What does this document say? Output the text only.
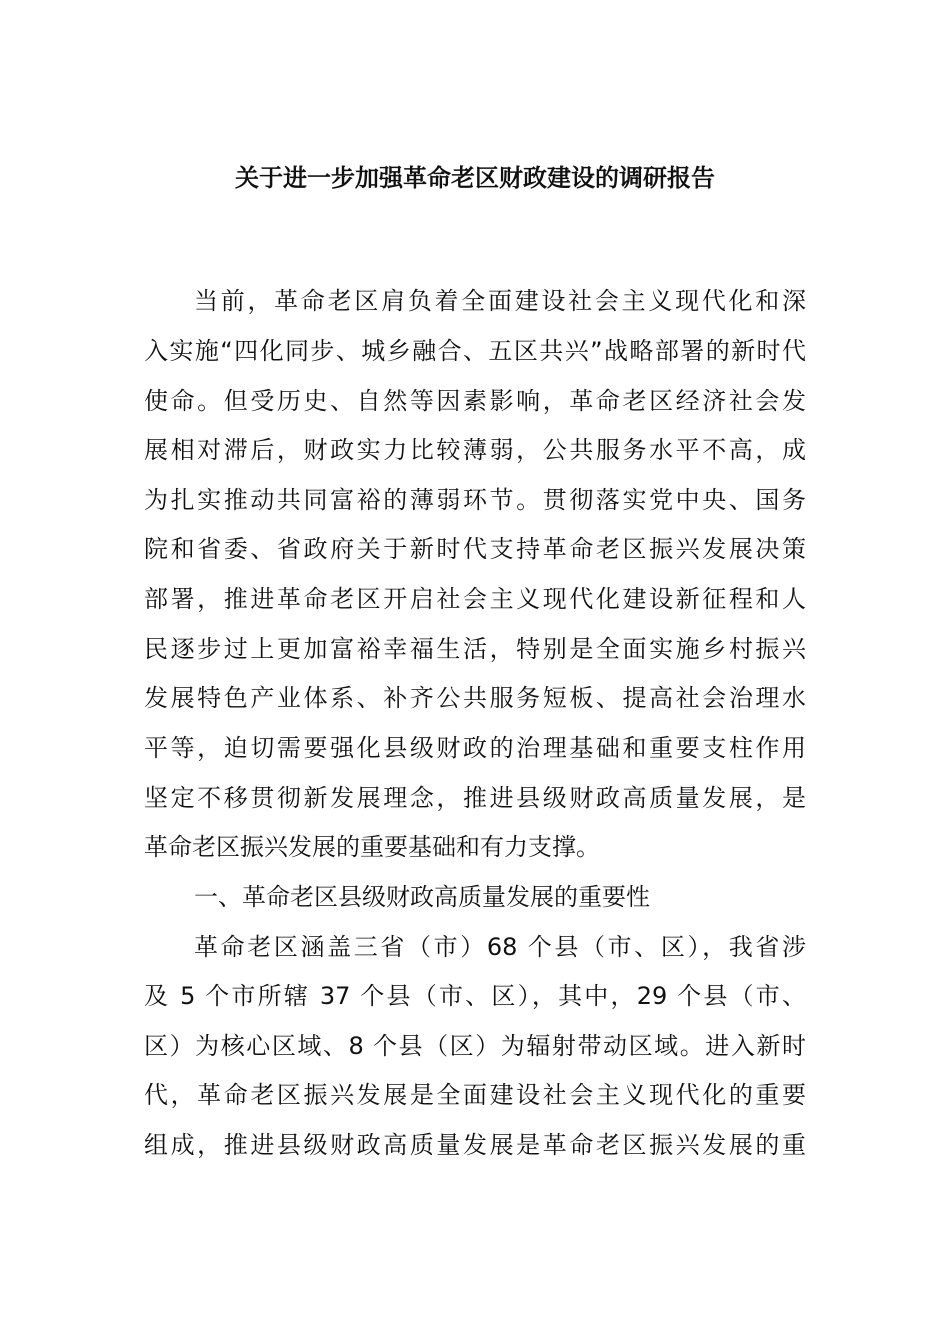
关于进一步加强革命老区财政建设的调研报告
当前，革命老区肩负着全面建设社会主义现代化和深
入实施“四化同步、城乡融合、五区共兴”战略部署的新时代
使命。但受历史、自然等因素影响，革命老区经济社会发
展相对滞后，财政实力比较薄弱，公共服务水平不高，成
为扎实推动共同富裕的薄弱环节。贯彻落实党中央、国务
院和省委、省政府关于新时代支持革命老区振兴发展决策
部署，推进革命老区开启社会主义现代化建设新征程和人
民逐步过上更加富裕幸福生活，特别是全面实施乡村振兴
发展特色产业体系、补齐公共服务短板、提高社会治理水
平等，迫切需要强化县级财政的治理基础和重要支柱作用
坚定不移贯彻新发展理念，推进县级财政高质量发展，是
革命老区振兴发展的重要基础和有力支撑。
一、革命老区县级财政高质量发展的重要性
革命老区涵盖三省（市）68 个县（市、区），我省涉
及 5 个市所辖 37 个县（市、区），其中，29 个县（市、
区）为核心区域、8 个县（区）为辐射带动区域。进入新时
代，革命老区振兴发展是全面建设社会主义现代化的重要
组成，推进县级财政高质量发展是革命老区振兴发展的重
